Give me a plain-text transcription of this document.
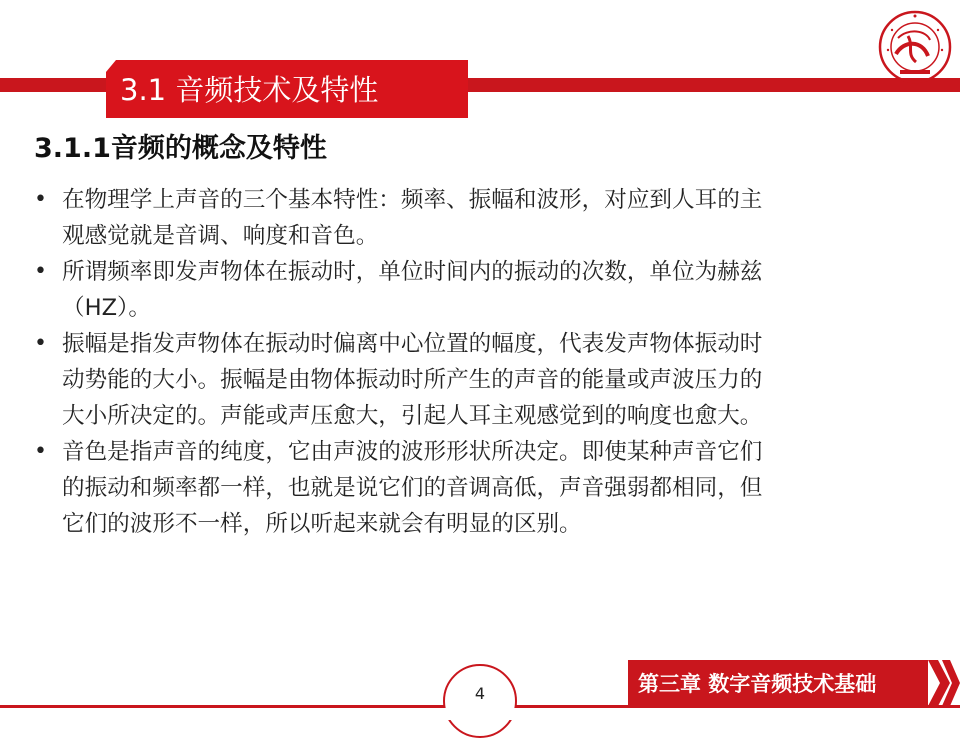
3.1 音频技术及特性
3.1.1音频的概念及特性
• 在物理学上声音的三个基本特性：频率、振幅和波形，对应到人耳的主
观感觉就是音调、响度和音色。
• 所谓频率即发声物体在振动时，单位时间内的振动的次数，单位为赫兹
（HZ）。
• 振幅是指发声物体在振动时偏离中心位置的幅度，代表发声物体振动时
动势能的大小。振幅是由物体振动时所产生的声音的能量或声波压力的
大小所决定的。声能或声压愈大，引起人耳主观感觉到的响度也愈大。
• 音色是指声音的纯度，它由声波的波形形状所决定。即使某种声音它们
的振动和频率都一样，也就是说它们的音调高低，声音强弱都相同，但
它们的波形不一样，所以听起来就会有明显的区别。
4	第三章 数字音频技术基础
